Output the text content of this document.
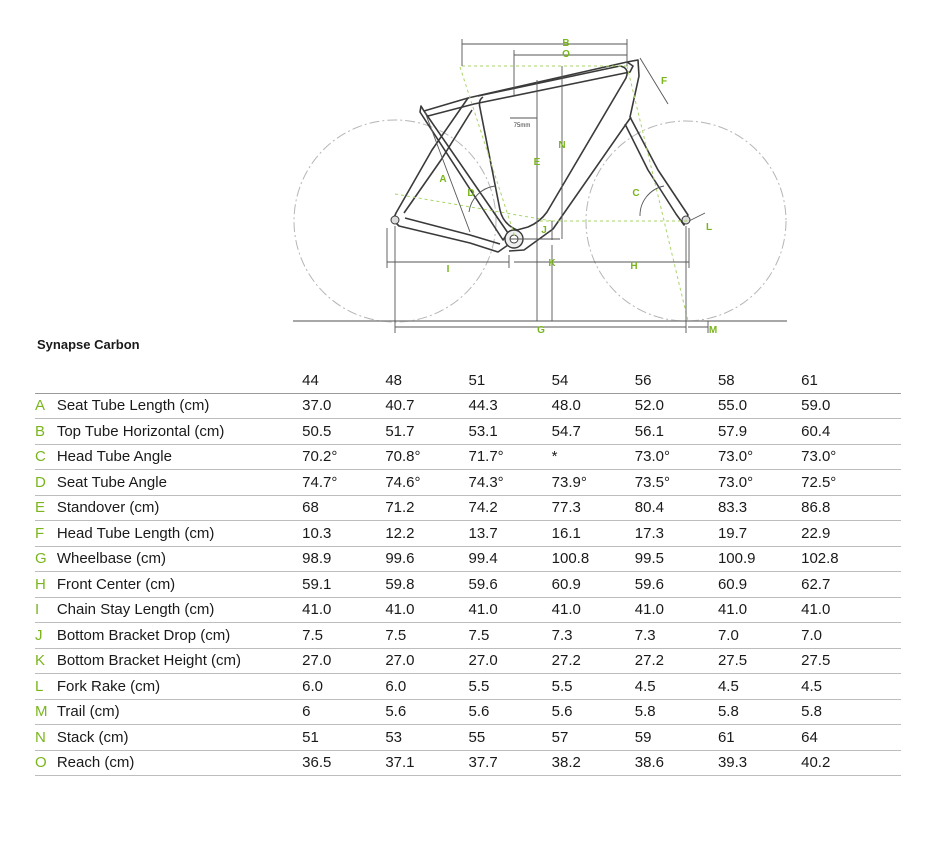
B
O
F
N
E
A
D	C
J	L
K
I	H
G	M
75mm
Synapse Carbon
		44	48	51	54	56	58	61
A	Seat Tube Length (cm)	37.0	40.7	44.3	48.0	52.0	55.0	59.0
B	Top Tube Horizontal (cm)	50.5	51.7	53.1	54.7	56.1	57.9	60.4
C	Head Tube Angle	70.2°	70.8°	71.7°	*	73.0°	73.0°	73.0°
D	Seat Tube Angle	74.7°	74.6°	74.3°	73.9°	73.5°	73.0°	72.5°
E	Standover (cm)	68	71.2	74.2	77.3	80.4	83.3	86.8
F	Head Tube Length (cm)	10.3	12.2	13.7	16.1	17.3	19.7	22.9
G	Wheelbase (cm)	98.9	99.6	99.4	100.8	99.5	100.9	102.8
H	Front Center (cm)	59.1	59.8	59.6	60.9	59.6	60.9	62.7
I	Chain Stay Length (cm)	41.0	41.0	41.0	41.0	41.0	41.0	41.0
J	Bottom Bracket Drop (cm)	7.5	7.5	7.5	7.3	7.3	7.0	7.0
K	Bottom Bracket Height (cm)	27.0	27.0	27.0	27.2	27.2	27.5	27.5
L	Fork Rake (cm)	6.0	6.0	5.5	5.5	4.5	4.5	4.5
M	Trail (cm)	6	5.6	5.6	5.6	5.8	5.8	5.8
N	Stack (cm)	51	53	55	57	59	61	64
O	Reach (cm)	36.5	37.1	37.7	38.2	38.6	39.3	40.2
